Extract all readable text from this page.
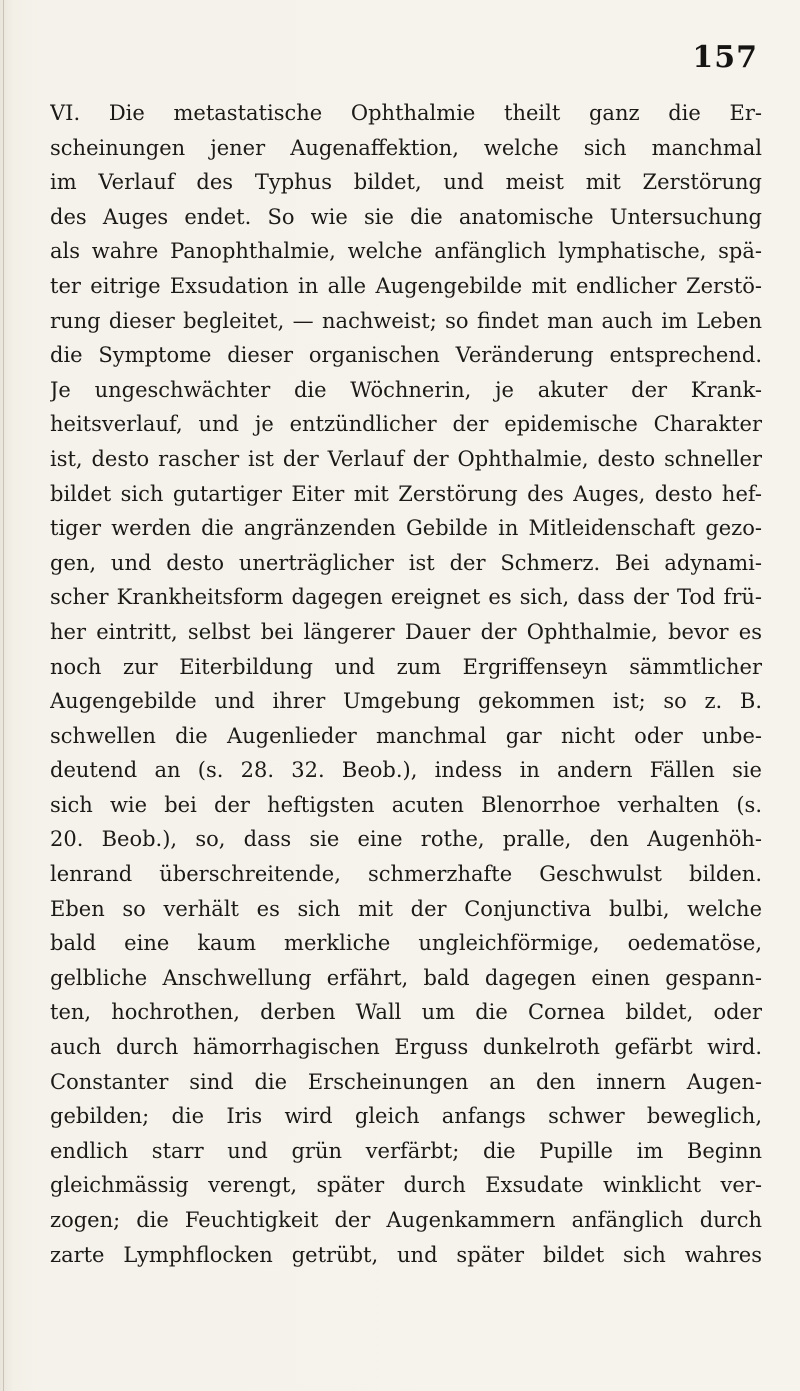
157
VI. Die metastatische Ophthalmie theilt ganz die Er-
scheinungen jener Augenaffektion, welche sich manchmal
im Verlauf des Typhus bildet, und meist mit Zerstörung
des Auges endet. So wie sie die anatomische Untersuchung
als wahre Panophthalmie, welche anfänglich lymphatische, spä-
ter eitrige Exsudation in alle Augengebilde mit endlicher Zerstö-
rung dieser begleitet, — nachweist; so findet man auch im Leben
die Symptome dieser organischen Veränderung entsprechend.
Je ungeschwächter die Wöchnerin, je akuter der Krank-
heitsverlauf, und je entzündlicher der epidemische Charakter
ist, desto rascher ist der Verlauf der Ophthalmie, desto schneller
bildet sich gutartiger Eiter mit Zerstörung des Auges, desto hef-
tiger werden die angränzenden Gebilde in Mitleidenschaft gezo-
gen, und desto unerträglicher ist der Schmerz. Bei adynami-
scher Krankheitsform dagegen ereignet es sich, dass der Tod frü-
her eintritt, selbst bei längerer Dauer der Ophthalmie, bevor es
noch zur Eiterbildung und zum Ergriffenseyn sämmtlicher
Augengebilde und ihrer Umgebung gekommen ist; so z. B.
schwellen die Augenlieder manchmal gar nicht oder unbe-
deutend an (s. 28. 32. Beob.), indess in andern Fällen sie
sich wie bei der heftigsten acuten Blenorrhoe verhalten (s.
20. Beob.), so, dass sie eine rothe, pralle, den Augenhöh-
lenrand überschreitende, schmerzhafte Geschwulst bilden.
Eben so verhält es sich mit der Conjunctiva bulbi, welche
bald eine kaum merkliche ungleichförmige, oedematöse,
gelbliche Anschwellung erfährt, bald dagegen einen gespann-
ten, hochrothen, derben Wall um die Cornea bildet, oder
auch durch hämorrhagischen Erguss dunkelroth gefärbt wird.
Constanter sind die Erscheinungen an den innern Augen-
gebilden; die Iris wird gleich anfangs schwer beweglich,
endlich starr und grün verfärbt; die Pupille im Beginn
gleichmässig verengt, später durch Exsudate winklicht ver-
zogen; die Feuchtigkeit der Augenkammern anfänglich durch
zarte Lymphflocken getrübt, und später bildet sich wahres
